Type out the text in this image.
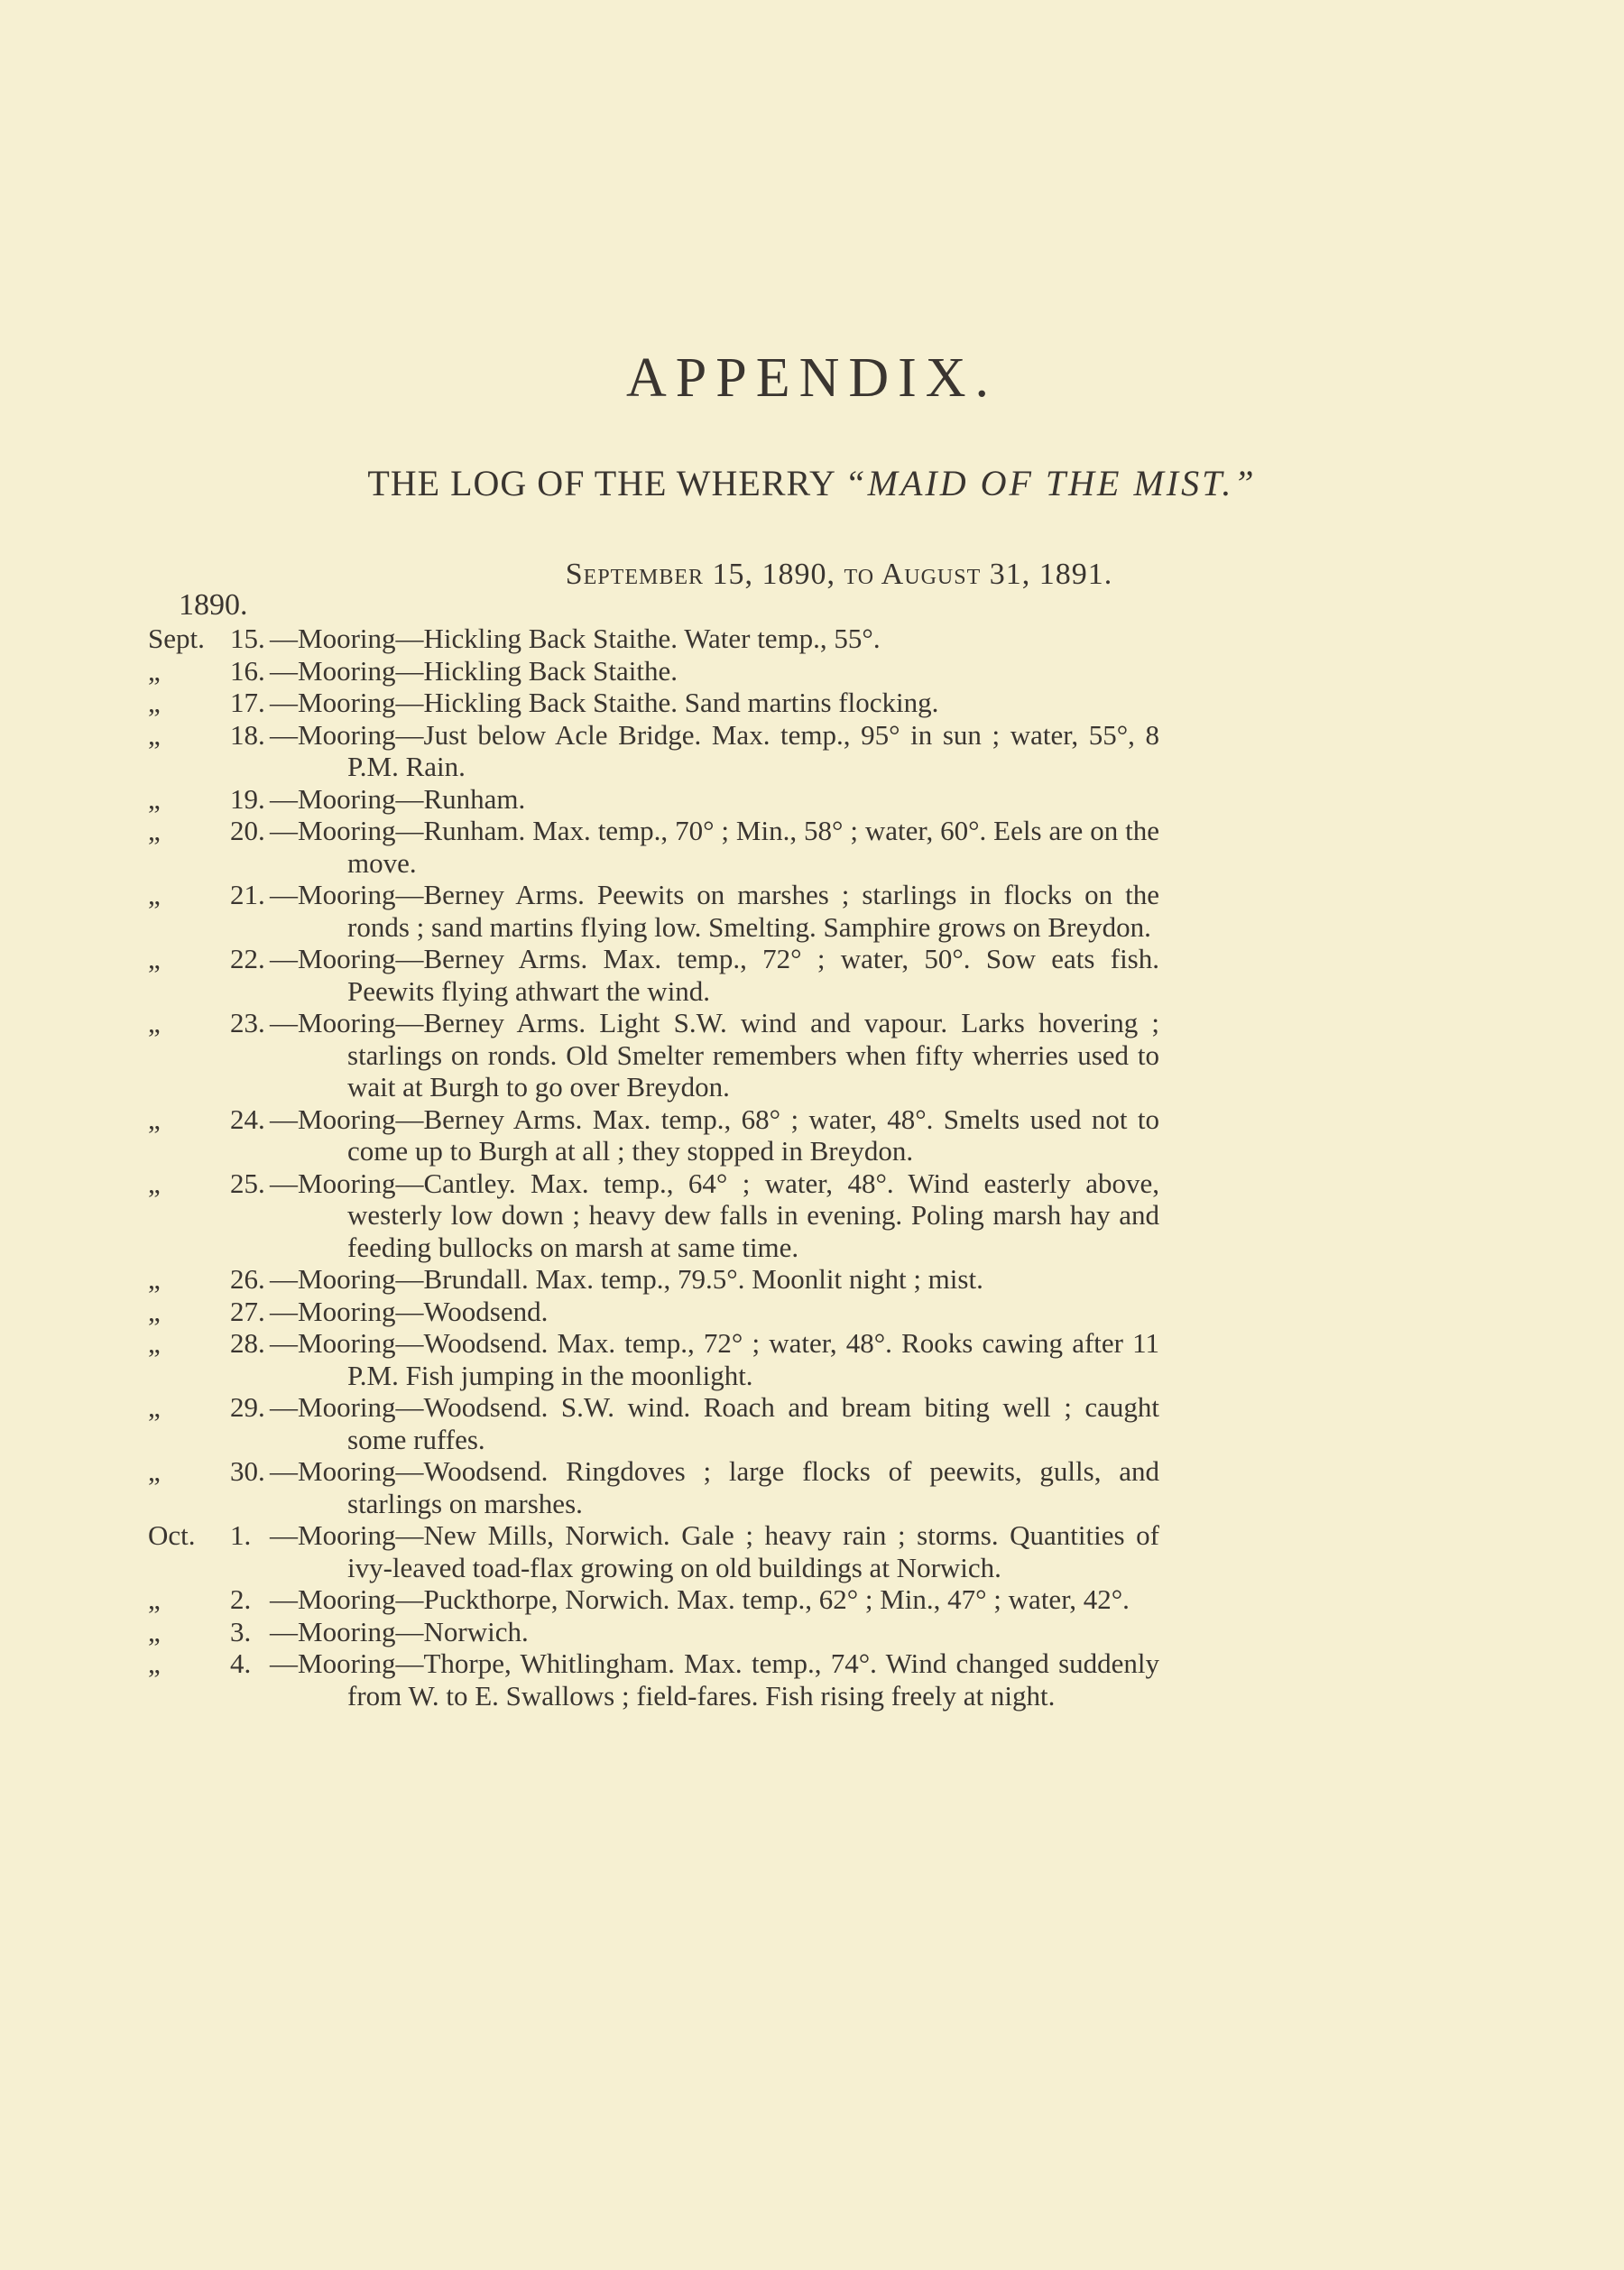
APPENDIX.

THE LOG OF THE WHERRY “MAID OF THE MIST.”

September 15, 1890, to August 31, 1891.

1890.
Sept. 15. —Mooring—Hickling Back Staithe. Water temp., 55°.
„ 16. —Mooring—Hickling Back Staithe.
„ 17. —Mooring—Hickling Back Staithe. Sand martins flocking.
„ 18. —Mooring—Just below Acle Bridge. Max. temp., 95° in sun ; water, 55°, 8 P.M. Rain.
„ 19. —Mooring—Runham.
„ 20. —Mooring—Runham. Max. temp., 70° ; Min., 58° ; water, 60°. Eels are on the move.
„ 21. —Mooring—Berney Arms. Peewits on marshes ; starlings in flocks on the ronds ; sand martins flying low. Smelting. Samphire grows on Breydon.
„ 22. —Mooring—Berney Arms. Max. temp., 72° ; water, 50°. Sow eats fish. Peewits flying athwart the wind.
„ 23. —Mooring—Berney Arms. Light S.W. wind and vapour. Larks hovering ; starlings on ronds. Old Smelter remembers when fifty wherries used to wait at Burgh to go over Breydon.
„ 24. —Mooring—Berney Arms. Max. temp., 68° ; water, 48°. Smelts used not to come up to Burgh at all ; they stopped in Breydon.
„ 25. —Mooring—Cantley. Max. temp., 64° ; water, 48°. Wind easterly above, westerly low down ; heavy dew falls in evening. Poling marsh hay and feeding bullocks on marsh at same time.
„ 26. —Mooring—Brundall. Max. temp., 79.5°. Moonlit night ; mist.
„ 27. —Mooring—Woodsend.
„ 28. —Mooring—Woodsend. Max. temp., 72° ; water, 48°. Rooks cawing after 11 P.M. Fish jumping in the moonlight.
„ 29. —Mooring—Woodsend. S.W. wind. Roach and bream biting well ; caught some ruffes.
„ 30. —Mooring—Woodsend. Ringdoves ; large flocks of peewits, gulls, and starlings on marshes.
Oct. 1. —Mooring—New Mills, Norwich. Gale ; heavy rain ; storms. Quantities of ivy-leaved toad-flax growing on old buildings at Norwich.
„ 2. —Mooring—Puckthorpe, Norwich. Max. temp., 62° ; Min., 47° ; water, 42°.
„ 3. —Mooring—Norwich.
„ 4. —Mooring—Thorpe, Whitlingham. Max. temp., 74°. Wind changed suddenly from W. to E. Swallows ; field-fares. Fish rising freely at night.
